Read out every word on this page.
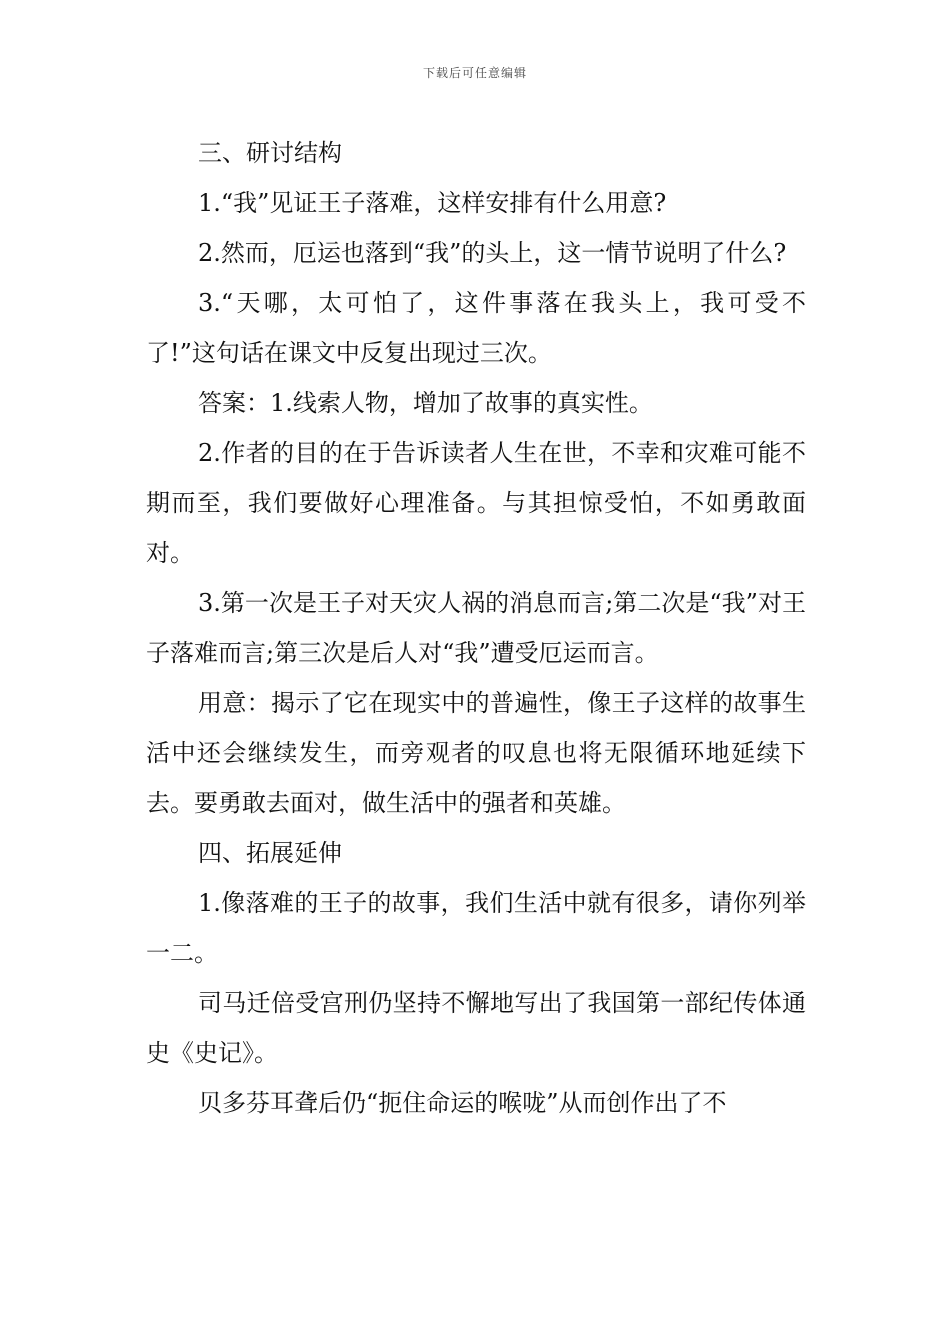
下载后可任意编辑

三、研讨结构

1.“我”见证王子落难，这样安排有什么用意?

2.然而，厄运也落到“我”的头上，这一情节说明了什么?

3.“天哪，太可怕了，这件事落在我头上，我可受不了!”这句话在课文中反复出现过三次。

答案：1.线索人物，增加了故事的真实性。

2.作者的目的在于告诉读者人生在世，不幸和灾难可能不期而至，我们要做好心理准备。与其担惊受怕，不如勇敢面对。

3.第一次是王子对天灾人祸的消息而言;第二次是“我”对王子落难而言;第三次是后人对“我”遭受厄运而言。

用意：揭示了它在现实中的普遍性，像王子这样的故事生活中还会继续发生，而旁观者的叹息也将无限循环地延续下去。要勇敢去面对，做生活中的强者和英雄。

四、拓展延伸

1.像落难的王子的故事，我们生活中就有很多，请你列举一二。

司马迁倍受宫刑仍坚持不懈地写出了我国第一部纪传体通史《史记》。

贝多芬耳聋后仍“扼住命运的喉咙”从而创作出了不
